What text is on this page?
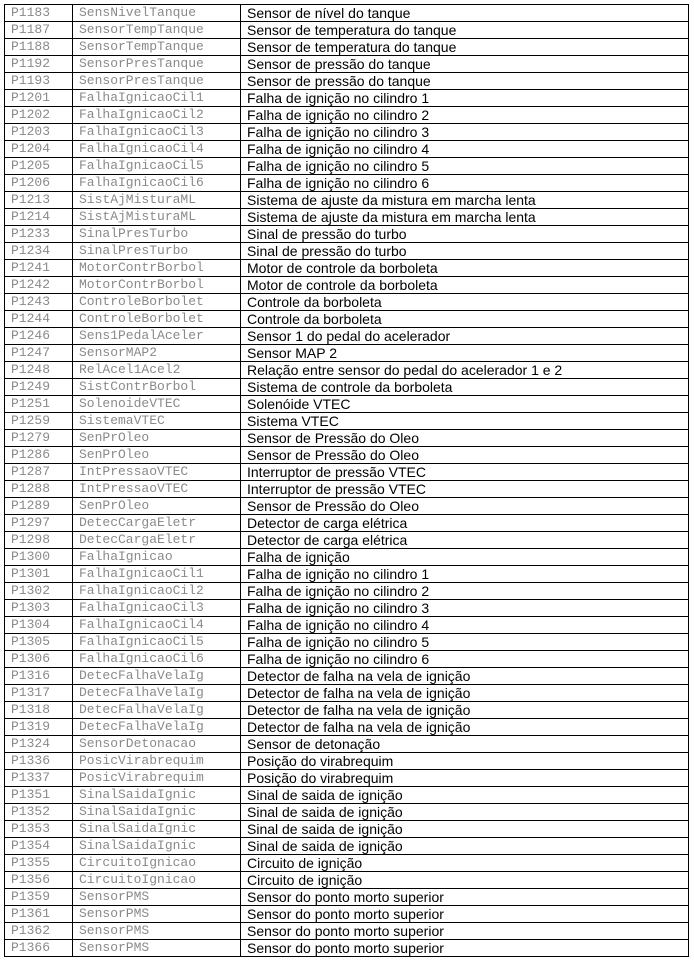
P1183	SensNivelTanque	Sensor de nível do tanque
P1187	SensorTempTanque	Sensor de temperatura do tanque
P1188	SensorTempTanque	Sensor de temperatura do tanque
P1192	SensorPresTanque	Sensor de pressão do tanque
P1193	SensorPresTanque	Sensor de pressão do tanque
P1201	FalhaIgnicaoCil1	Falha de ignição no cilindro 1
P1202	FalhaIgnicaoCil2	Falha de ignição no cilindro 2
P1203	FalhaIgnicaoCil3	Falha de ignição no cilindro 3
P1204	FalhaIgnicaoCil4	Falha de ignição no cilindro 4
P1205	FalhaIgnicaoCil5	Falha de ignição no cilindro 5
P1206	FalhaIgnicaoCil6	Falha de ignição no cilindro 6
P1213	SistAjMisturaML	Sistema de ajuste da mistura em marcha lenta
P1214	SistAjMisturaML	Sistema de ajuste da mistura em marcha lenta
P1233	SinalPresTurbo	Sinal de pressão do turbo
P1234	SinalPresTurbo	Sinal de pressão do turbo
P1241	MotorContrBorbol	Motor de controle da borboleta
P1242	MotorContrBorbol	Motor de controle da borboleta
P1243	ControleBorbolet	Controle da borboleta
P1244	ControleBorbolet	Controle da borboleta
P1246	Sens1PedalAceler	Sensor 1 do pedal do acelerador
P1247	SensorMAP2	Sensor MAP 2
P1248	RelAcel1Acel2	Relação entre sensor do pedal do acelerador 1 e 2
P1249	SistContrBorbol	Sistema de controle da borboleta
P1251	SolenoideVTEC	Solenóide VTEC
P1259	SistemaVTEC	Sistema VTEC
P1279	SenPrOleo	Sensor de Pressão do Oleo
P1286	SenPrOleo	Sensor de Pressão do Oleo
P1287	IntPressaoVTEC	Interruptor de pressão VTEC
P1288	IntPressaoVTEC	Interruptor de pressão VTEC
P1289	SenPrOleo	Sensor de Pressão do Oleo
P1297	DetecCargaEletr	Detector de carga elétrica
P1298	DetecCargaEletr	Detector de carga elétrica
P1300	FalhaIgnicao	Falha de ignição
P1301	FalhaIgnicaoCil1	Falha de ignição no cilindro 1
P1302	FalhaIgnicaoCil2	Falha de ignição no cilindro 2
P1303	FalhaIgnicaoCil3	Falha de ignição no cilindro 3
P1304	FalhaIgnicaoCil4	Falha de ignição no cilindro 4
P1305	FalhaIgnicaoCil5	Falha de ignição no cilindro 5
P1306	FalhaIgnicaoCil6	Falha de ignição no cilindro 6
P1316	DetecFalhaVelaIg	Detector de falha na vela de ignição
P1317	DetecFalhaVelaIg	Detector de falha na vela de ignição
P1318	DetecFalhaVelaIg	Detector de falha na vela de ignição
P1319	DetecFalhaVelaIg	Detector de falha na vela de ignição
P1324	SensorDetonacao	Sensor de detonação
P1336	PosicVirabrequim	Posição do virabrequim
P1337	PosicVirabrequim	Posição do virabrequim
P1351	SinalSaidaIgnic	Sinal de saida de ignição
P1352	SinalSaidaIgnic	Sinal de saida de ignição
P1353	SinalSaidaIgnic	Sinal de saida de ignição
P1354	SinalSaidaIgnic	Sinal de saida de ignição
P1355	CircuitoIgnicao	Circuito de ignição
P1356	CircuitoIgnicao	Circuito de ignição
P1359	SensorPMS	Sensor do ponto morto superior
P1361	SensorPMS	Sensor do ponto morto superior
P1362	SensorPMS	Sensor do ponto morto superior
P1366	SensorPMS	Sensor do ponto morto superior
